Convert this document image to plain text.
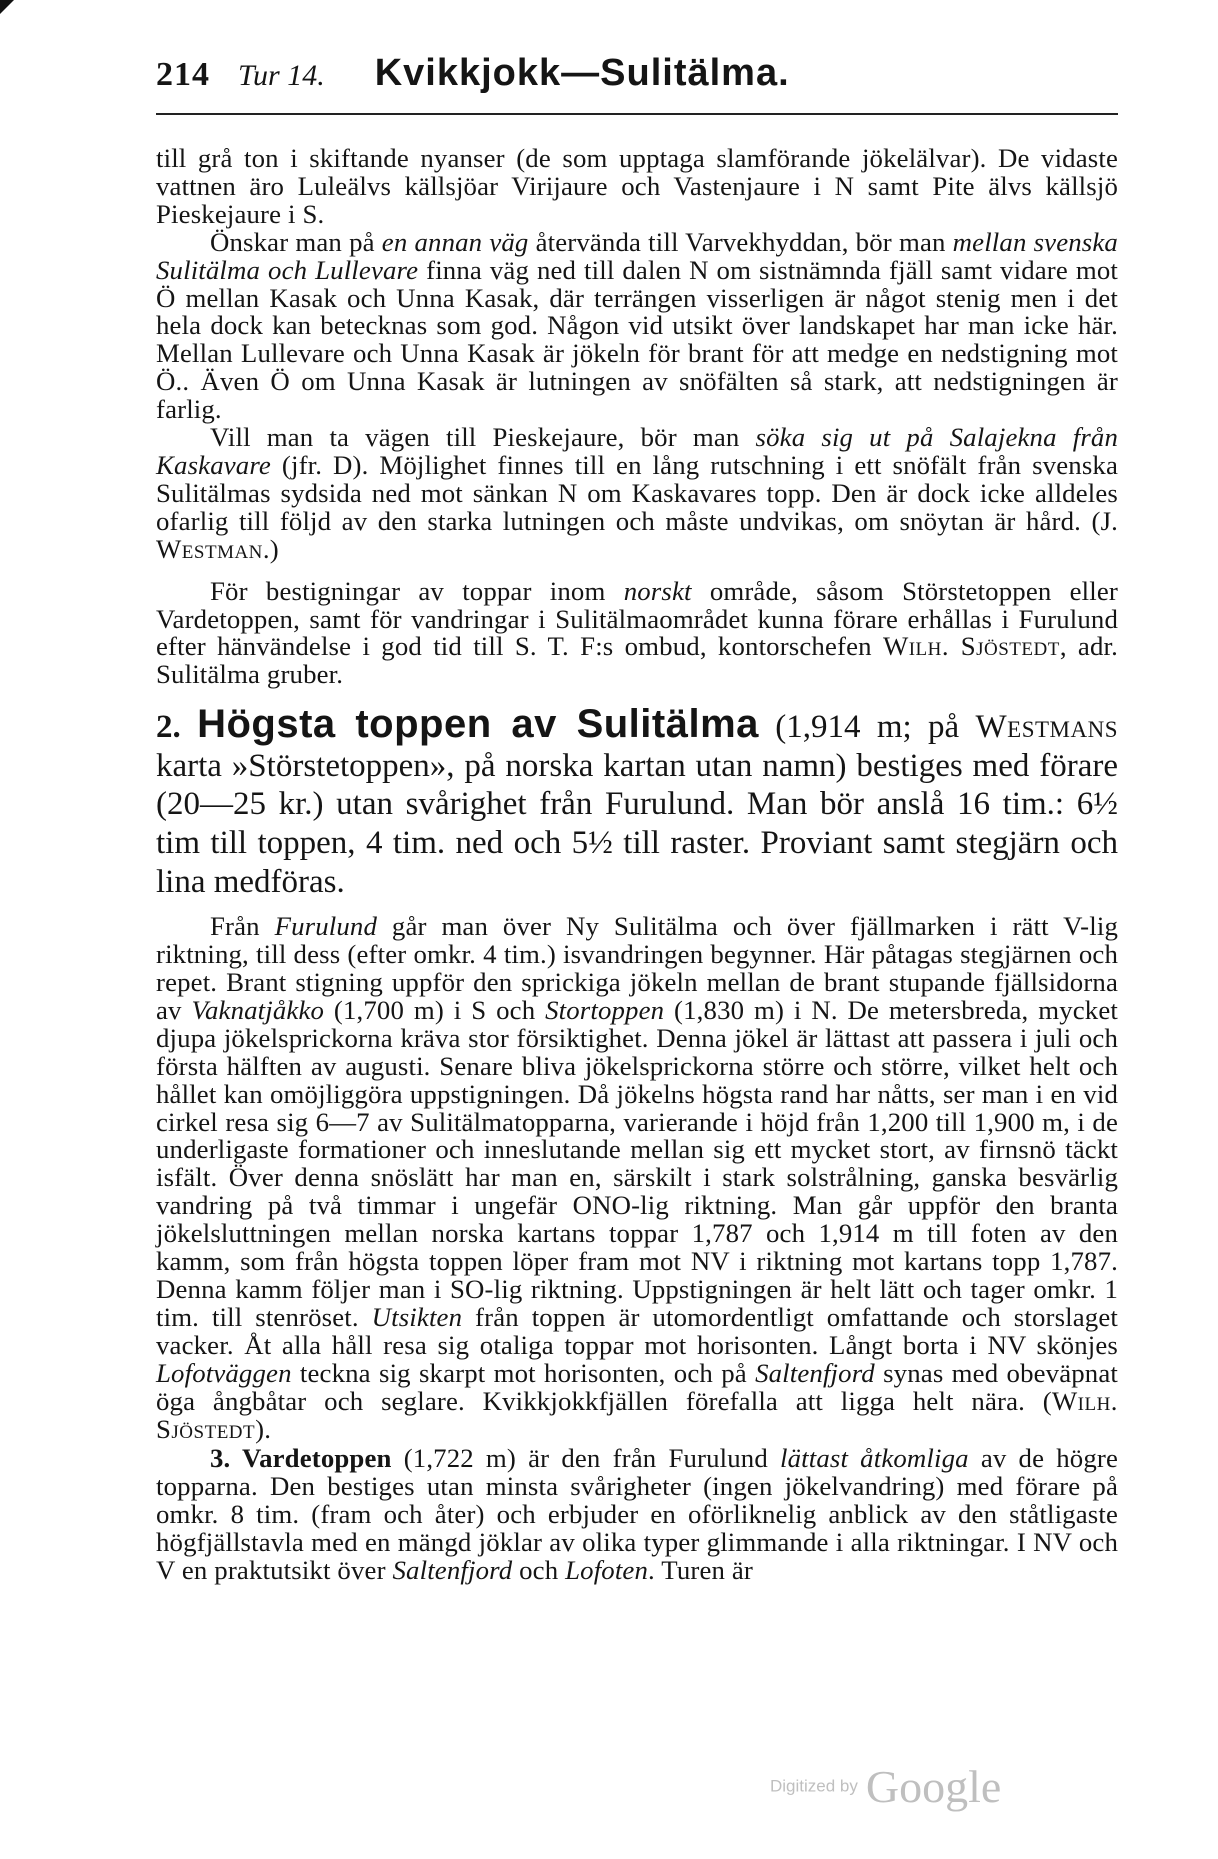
214 Tur 14. Kvikkjokk—Sulitälma.

till grå ton i skiftande nyanser (de som upptaga slamförande jökelälvar). De vidaste vattnen äro Luleälvs källsjöar Virijaure och Vastenjaure i N samt Pite älvs källsjö Pieskejaure i S.

Önskar man på en annan väg återvända till Varvekhyddan, bör man mellan svenska Sulitälma och Lullevare finna väg ned till dalen N om sistnämnda fjäll samt vidare mot Ö mellan Kasak och Unna Kasak, där terrängen visserligen är något stenig men i det hela dock kan betecknas som god. Någon vid utsikt över landskapet har man icke här. Mellan Lullevare och Unna Kasak är jökeln för brant för att medge en nedstigning mot Ö.. Även Ö om Unna Kasak är lutningen av snöfälten så stark, att nedstigningen är farlig.

Vill man ta vägen till Pieskejaure, bör man söka sig ut på Salajekna från Kaskavare (jfr. D). Möjlighet finnes till en lång rutschning i ett snöfält från svenska Sulitälmas sydsida ned mot sänkan N om Kaskavares topp. Den är dock icke alldeles ofarlig till följd av den starka lutningen och måste undvikas, om snöytan är hård. (J. Westman.)

För bestigningar av toppar inom norskt område, såsom Störstetoppen eller Vardetoppen, samt för vandringar i Sulitälmaområdet kunna förare erhållas i Furulund efter hänvändelse i god tid till S. T. F:s ombud, kontorschefen Wilh. Sjöstedt, adr. Sulitälma gruber.

2. Högsta toppen av Sulitälma (1,914 m; på Westmans karta »Störstetoppen», på norska kartan utan namn) bestiges med förare (20—25 kr.) utan svårighet från Furulund. Man bör anslå 16 tim.: 6½ tim till toppen, 4 tim. ned och 5½ till raster. Proviant samt stegjärn och lina medföras.

Från Furulund går man över Ny Sulitälma och över fjällmarken i rätt V-lig riktning, till dess (efter omkr. 4 tim.) isvandringen begynner. Här påtagas stegjärnen och repet. Brant stigning uppför den sprickiga jökeln mellan de brant stupande fjällsidorna av Vaknatjåkko (1,700 m) i S och Stortoppen (1,830 m) i N. De metersbreda, mycket djupa jökelsprickorna kräva stor försiktighet. Denna jökel är lättast att passera i juli och första hälften av augusti. Senare bliva jökelsprickorna större och större, vilket helt och hållet kan omöjliggöra uppstigningen. Då jökelns högsta rand har nåtts, ser man i en vid cirkel resa sig 6—7 av Sulitälmatopparna, varierande i höjd från 1,200 till 1,900 m, i de underligaste formationer och inneslutande mellan sig ett mycket stort, av firnsnö täckt isfält. Över denna snöslätt har man en, särskilt i stark solstrålning, ganska besvärlig vandring på två timmar i ungefär ONO-lig riktning. Man går uppför den branta jökelsluttningen mellan norska kartans toppar 1,787 och 1,914 m till foten av den kamm, som från högsta toppen löper fram mot NV i riktning mot kartans topp 1,787. Denna kamm följer man i SO-lig riktning. Uppstigningen är helt lätt och tager omkr. 1 tim. till stenröset. Utsikten från toppen är utomordentligt omfattande och storslaget vacker. Åt alla håll resa sig otaliga toppar mot horisonten. Långt borta i NV skönjes Lofotväggen teckna sig skarpt mot horisonten, och på Saltenfjord synas med obeväpnat öga ångbåtar och seglare. Kvikkjokkfjällen förefalla att ligga helt nära. (Wilh. Sjöstedt).

3. Vardetoppen (1,722 m) är den från Furulund lättast åtkomliga av de högre topparna. Den bestiges utan minsta svårigheter (ingen jökelvandring) med förare på omkr. 8 tim. (fram och åter) och erbjuder en oförliknelig anblick av den ståtligaste högfjällstavla med en mängd jöklar av olika typer glimmande i alla riktningar. I NV och V en praktutsikt över Saltenfjord och Lofoten. Turen är

Digitized by Google
